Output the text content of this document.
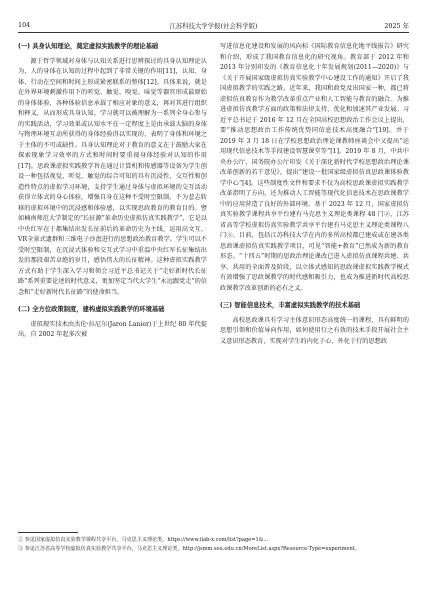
104	江苏科技大学学报(社会科学版)	2025 年

(一) 具身认知理论，奠定虚拟实践教学的理论基础

源于哲学领域对身体与认知关系进行思辨探讨的具身认知理论认为，人的身体在认知的过程中起到了非常关键的作用[11]，认知、身体、行动在空间和时间上形成紧密联系的整体[12]。具体来说，就是在外界环境刺激作用下的听觉、触觉、嗅觉、味觉等器官形成最原始的身体体验，各种体验信息承载了相应对象的意义，再对其进行组织和释义，从而形成具身认知。学习就可以被理解为一系列全身心参与的实践活动，学习效果或认知水平在一定程度上是由承载大脑的身体与物理环境互动所获得的身体经验得以实现的，表明了身体和环境之于主体的不可或缺性。具身认知理论对于教育的意义在于鼓励大家在探索现象学习效率的方式和时间时要重视身体经验对认知的作用[17]。思政课虚拟实践教学旨在通过计算机和传感器等设备为学生创设一种包括视觉、听觉、触觉的综合可知的具有沉浸性、交互性和创造性特点的虚拟学习环境，支持学生通过身体与虚拟环境的交互活动获得立体式的身心体验，增强自身在这种不受时空限制、不为惹志转移的虚拟环境中的沉浸感和体验感，以实现思政教育的教育目的。譬如楠南师范大学制定的“长征源”革命历史虚拟仿真实践教学”，它是以中央红军在于都集结出发长征前后的革命历史为主线，运用高文互、VR全景式遗群和三维电子沙盘进行的思想政治教育教学。学生可以不受时空限制，在沉浸式体验和交互式学习中重温中央红军长征集结出发的那段艰苦卓绝的岁月，感悟伟大的长征精神。这种虚拟实践教学方式有助于学生深入学习和领会习近平总书记关于“走好新时代长征路”系列重要论述的时代意义，更加坚定当代大学生“永远跟党走”的信念和“走好新时代长征路”的使命担当。

(二) 全方位政策制度，建构虚拟实践教学的环境基础

虚拟现实技术由杰伦·拉尼尔(Jaron Lanier)于上世纪 80 年代提出，自 2002 年起多次被

写进信息化建设和发展的风向标《国际教育信息化地平线报告》研究和介绍，形成了我国教育信息化的研究视角。教育部于 2012 年和 2013 年分别印发的《教育信息化十年发展规划(2011—2020)》与《关于开展国家级虚拟仿真实验教学中心建设工作的通知》开启了我国虚拟教学的实践之路。近年来，我国和政党及出国家一种，都已将虚拟仿真教育作为教学改革重点产业和人工智能与教育的融合。为推进虚拟仿真教学方面的政策和法律支持，优化和加速其产业发展。习近平总书记于 2016 年 12 月在全国高校思想政治工作会议上提出，要“推动思想政治工作传统优势同信息技术高度融合”[19]。并于 2019 年 3 月 18 日在学校思想政治理论课教师座谈会中又提出“运用现代信息技术等手段建设智慧课堂等”[1]。2019 年 8 月，中共中央办公厅、国务院办公厅印发《关于深化新时代学校思想政治理论课改革创新的若干意见》，提出“建设一批国家级虚拟仿真思政课体验教学中心”[4]。这些制度性文件和要求不仅为高校思政课虚拟实践教学改革指明了方向，还为推动人工智能等现代化信息技术在思政课教学中的应用营造了良好的外部环境。基于 2023 年 12 月，国家虚拟仿真实验教学课程共享平台建有马克思主义理论类课程 48 门②，江苏省高等学校虚拟仿真实验教学共享平台建有马克思主义理论类课程八门③。目前，包括江苏科技大学在内的多所高校都已建成或在建各类思政课虚拟仿真实践教学项目，可见“智能+教育”已然成为新的教育形态。“十四五”时期的思政治理论课改已进入虚拟仿真课程共建、共享、共用的全面普及阶段，以立体式感知的思政课虚拟实践教学模式有效增强了思政课教学的时代感和吸引力，也成为推进新时代高校思政课教学改革创新的必有之义。

(三) 智能信息技术，丰富虚拟实践教学的技术基础

高校思政课具有学习主体意识形态高度统一的课程，具有鲜明的思想引领和价值导向作用，如何使用行之有效的技术手段开展社会主义意识形态教育，实现对学生的内化于心、外化于行的思想政

② 参见国家虚拟仿真实验教学课程共享平台，马克思主义理论类，https://www.ilab-x.com/list?page=1&...

③ 参见江苏省高等学校虚拟仿真实验教学共享平台，马克思主义理论类，http://jsmm.seu.edu.cn/MoreList.aspx?Resource-Type=experiment。
